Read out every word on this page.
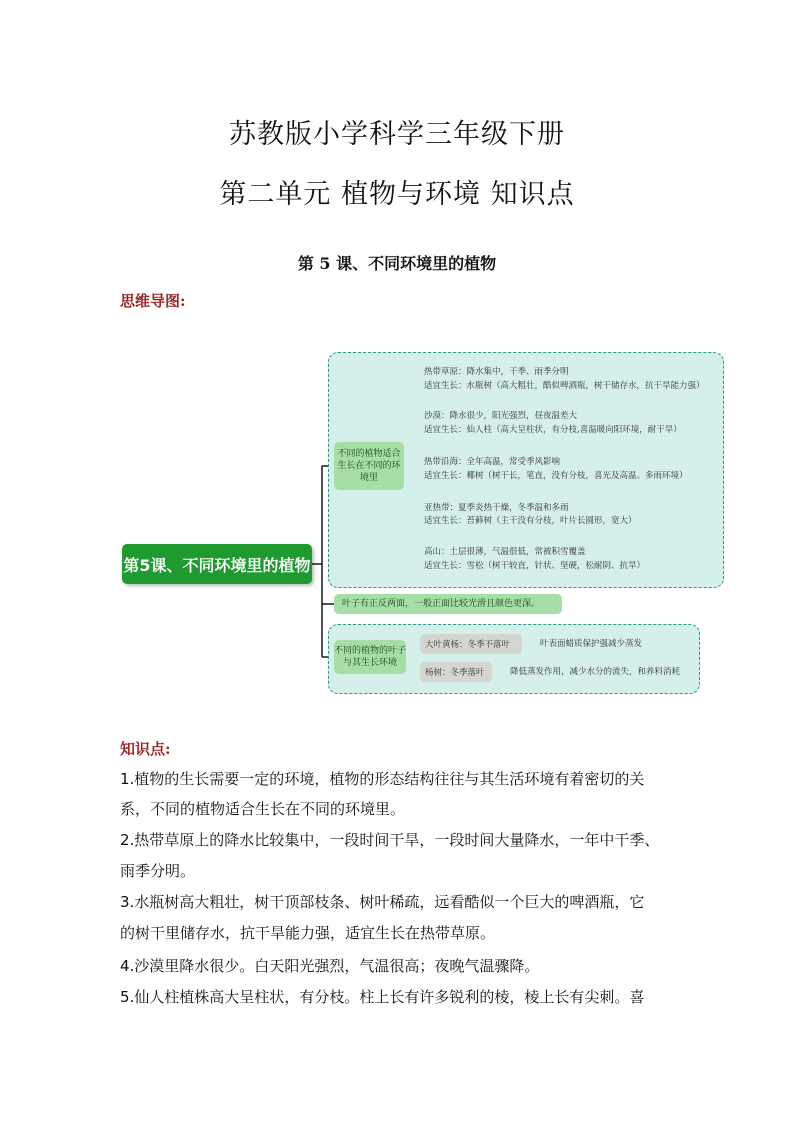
苏教版小学科学三年级下册
第二单元 植物与环境 知识点
第 5 课、不同环境里的植物
思维导图:
第5课、不同环境里的植物
不同的植物适合生长在不同的环境里
热带草原：降水集中，干季、雨季分明
适宜生长：水瓶树（高大粗壮，酷似啤酒瓶，树干储存水，抗干旱能力强）
沙漠：降水很少，阳光强烈，昼夜温差大
适宜生长：仙人柱（高大呈柱状，有分枝,喜温暖向阳环境，耐干旱）
热带沿海：全年高温，常受季风影响
适宜生长：椰树（树干长，笔直，没有分枝，喜光及高温、多雨环境）
亚热带：夏季炎热干燥，冬季温和多雨
适宜生长：苔藓树（主干没有分枝，叶片长圆形，宽大）
高山：土层很薄，气温很低，常被积雪覆盖
适宜生长：雪松（树干较直，针状、坚硬，松耐阴、抗旱）
叶子有正反两面，一般正面比较光滑且颜色更深。
不同的植物的叶子与其生长环境
大叶黄杨：冬季不落叶	叶表面蜡质保护强减少蒸发
杨树：冬季落叶	降低蒸发作用，减少水分的流失，和养料消耗
知识点:
1.植物的生长需要一定的环境，植物的形态结构往往与其生活环境有着密切的关
系，不同的植物适合生长在不同的环境里。
2.热带草原上的降水比较集中，一段时间干旱，一段时间大量降水，一年中干季、
雨季分明。
3.水瓶树高大粗壮，树干顶部枝条、树叶稀疏，远看酷似一个巨大的啤酒瓶，它
的树干里储存水，抗干旱能力强，适宜生长在热带草原。
4.沙漠里降水很少。白天阳光强烈，气温很高；夜晚气温骤降。
5.仙人柱植株高大呈柱状，有分枝。柱上长有许多锐利的棱，棱上长有尖刺。喜
